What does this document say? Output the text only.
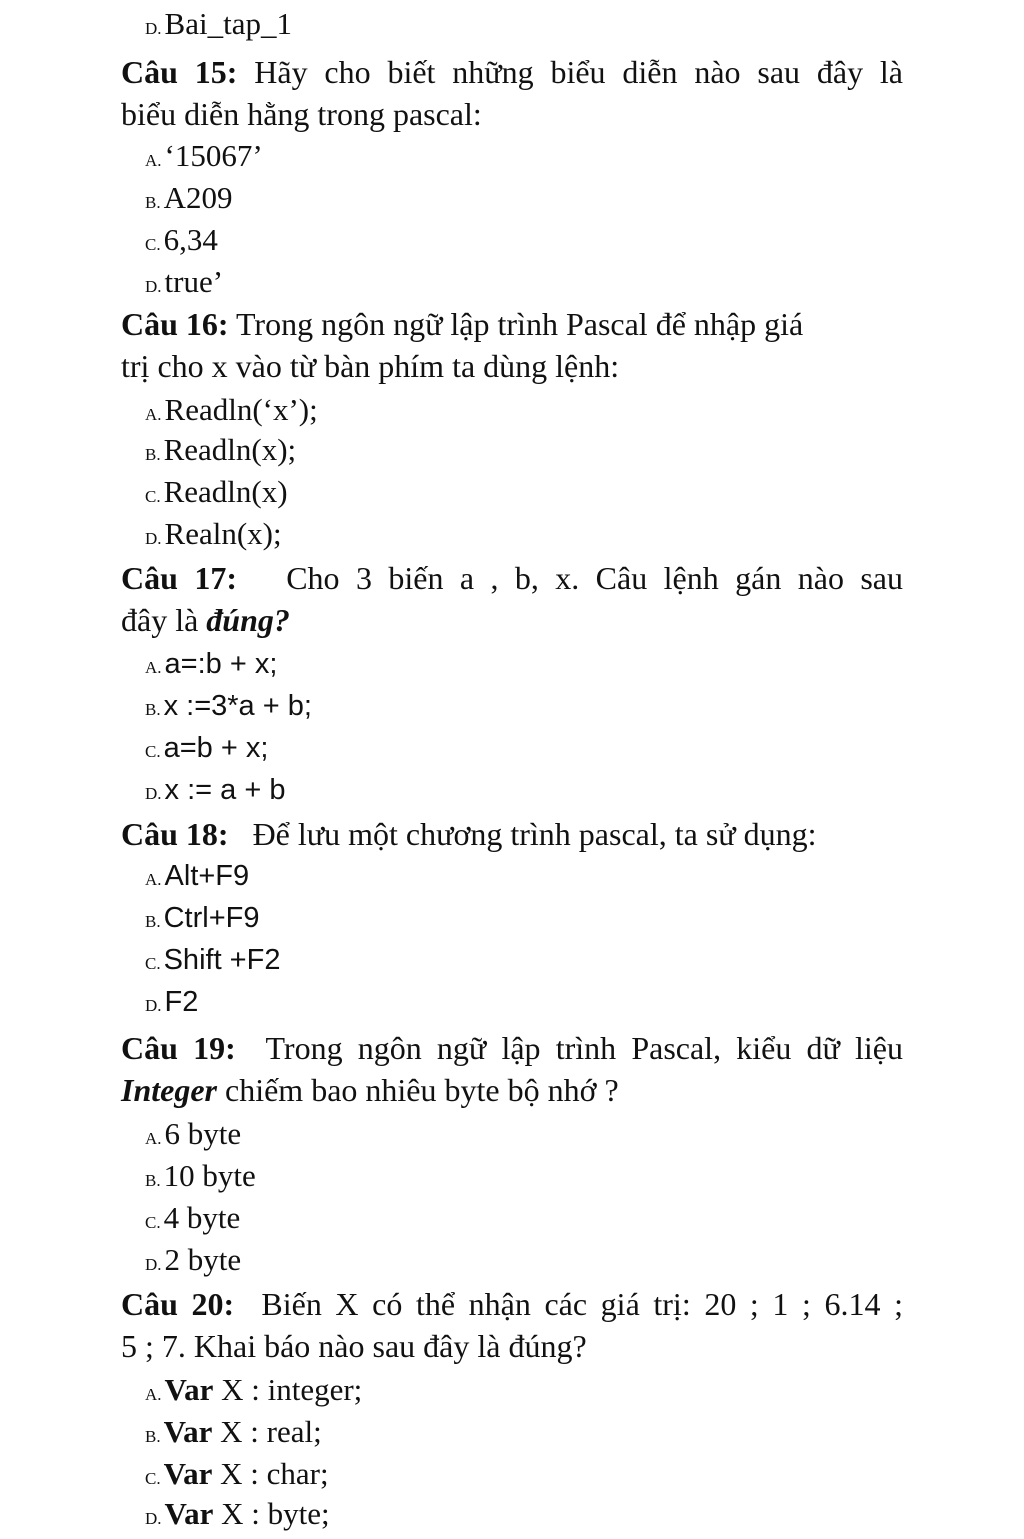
D.Bai_tap_1
Câu 15: Hãy cho biết những biểu diễn nào sau đây là
biểu diễn hằng trong pascal:
A.‘15067’
B.A209
C.6,34
D.true’
Câu 16: Trong ngôn ngữ lập trình Pascal để nhập giá
trị cho x vào từ bàn phím ta dùng lệnh:
A.Readln(‘x’);
B.Readln(x);
C.Readln(x)
D.Realn(x);
Câu 17: Cho 3 biến a , b, x. Câu lệnh gán nào sau
đây là đúng?
A. a=:b + x;
B. x :=3*a + b;
C. a=b + x;
D. x := a + b
Câu 18: Để lưu một chương trình pascal, ta sử dụng:
A. Alt+F9
B. Ctrl+F9
C. Shift +F2
D. F2
Câu 19: Trong ngôn ngữ lập trình Pascal, kiểu dữ liệu
Integer chiếm bao nhiêu byte bộ nhớ ?
A.6 byte
B.10 byte
C.4 byte
D.2 byte
Câu 20: Biến X có thể nhận các giá trị: 20 ; 1 ; 6.14 ;
5 ; 7. Khai báo nào sau đây là đúng?
A.Var X : integer;
B.Var X : real;
C.Var X : char;
D.Var X : byte;
